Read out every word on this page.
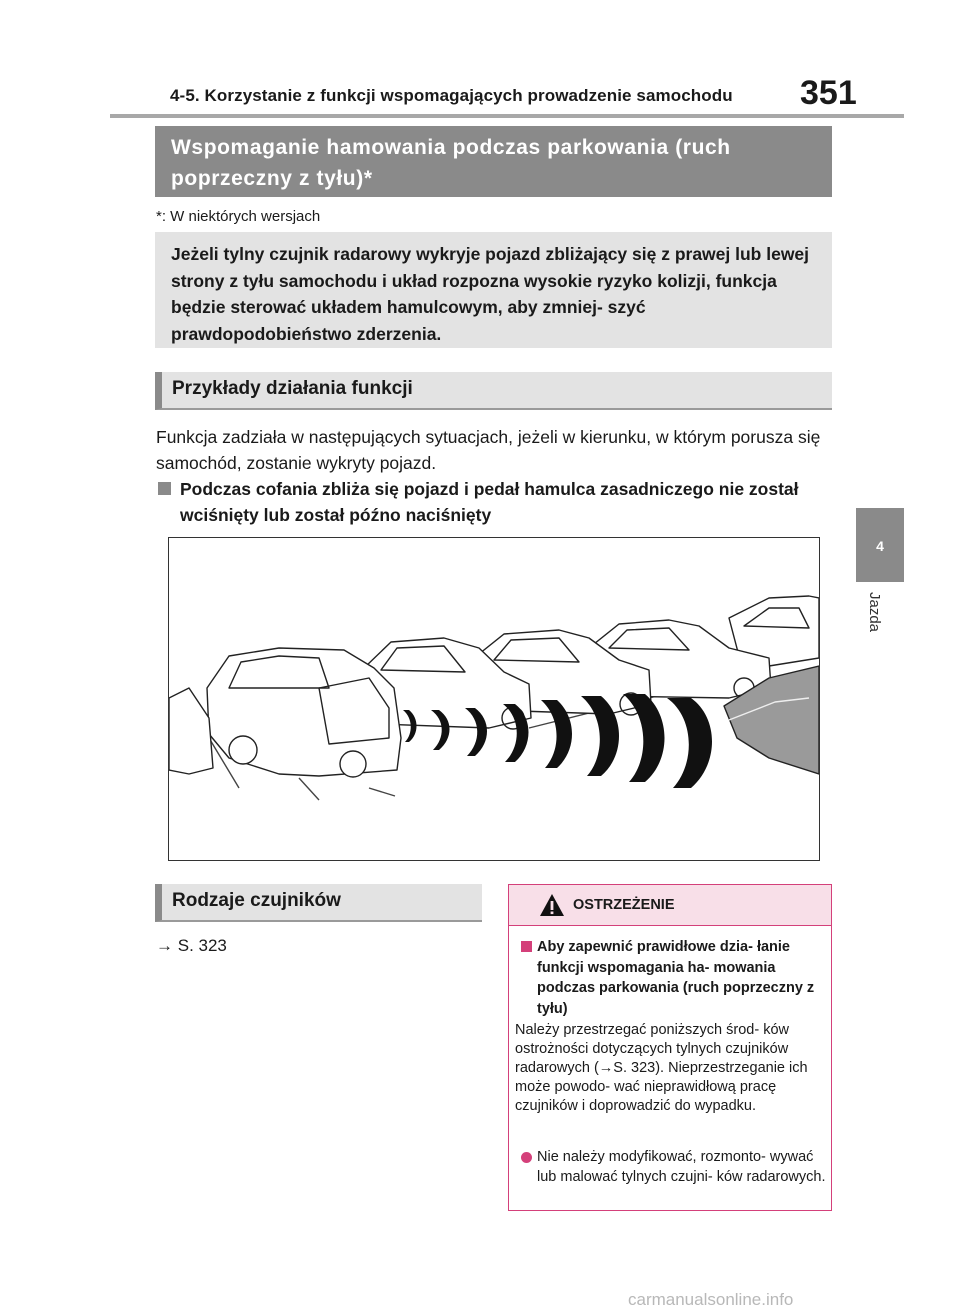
4-5. Korzystanie z funkcji wspomagających prowadzenie samochodu 351
4
Jazda
Wspomaganie hamowania podczas parkowania (ruch poprzeczny z tyłu)*
*: W niektórych wersjach
Jeżeli tylny czujnik radarowy wykryje pojazd zbliżający się z prawej lub lewej strony z tyłu samochodu i układ rozpozna wysokie ryzyko kolizji, funkcja będzie sterować układem hamulcowym, aby zmniej- szyć prawdopodobieństwo zderzenia.
Przykłady działania funkcji
Funkcja zadziała w następujących sytuacjach, jeżeli w kierunku, w którym porusza się samochód, zostanie wykryty pojazd.
Podczas cofania zbliża się pojazd i pedał hamulca zasadniczego nie został wciśnięty lub został późno naciśnięty
Rodzaje czujników
→ S. 323
OSTRZEŻENIE
Aby zapewnić prawidłowe dzia- łanie funkcji wspomagania ha- mowania podczas parkowania (ruch poprzeczny z tyłu)
Należy przestrzegać poniższych środ- ków ostrożności dotyczących tylnych czujników radarowych (→S. 323). Nieprzestrzeganie ich może powodo- wać nieprawidłową pracę czujników i doprowadzić do wypadku.
Nie należy modyfikować, rozmonto- wywać lub malować tylnych czujni- ków radarowych.
carmanualsonline.info
